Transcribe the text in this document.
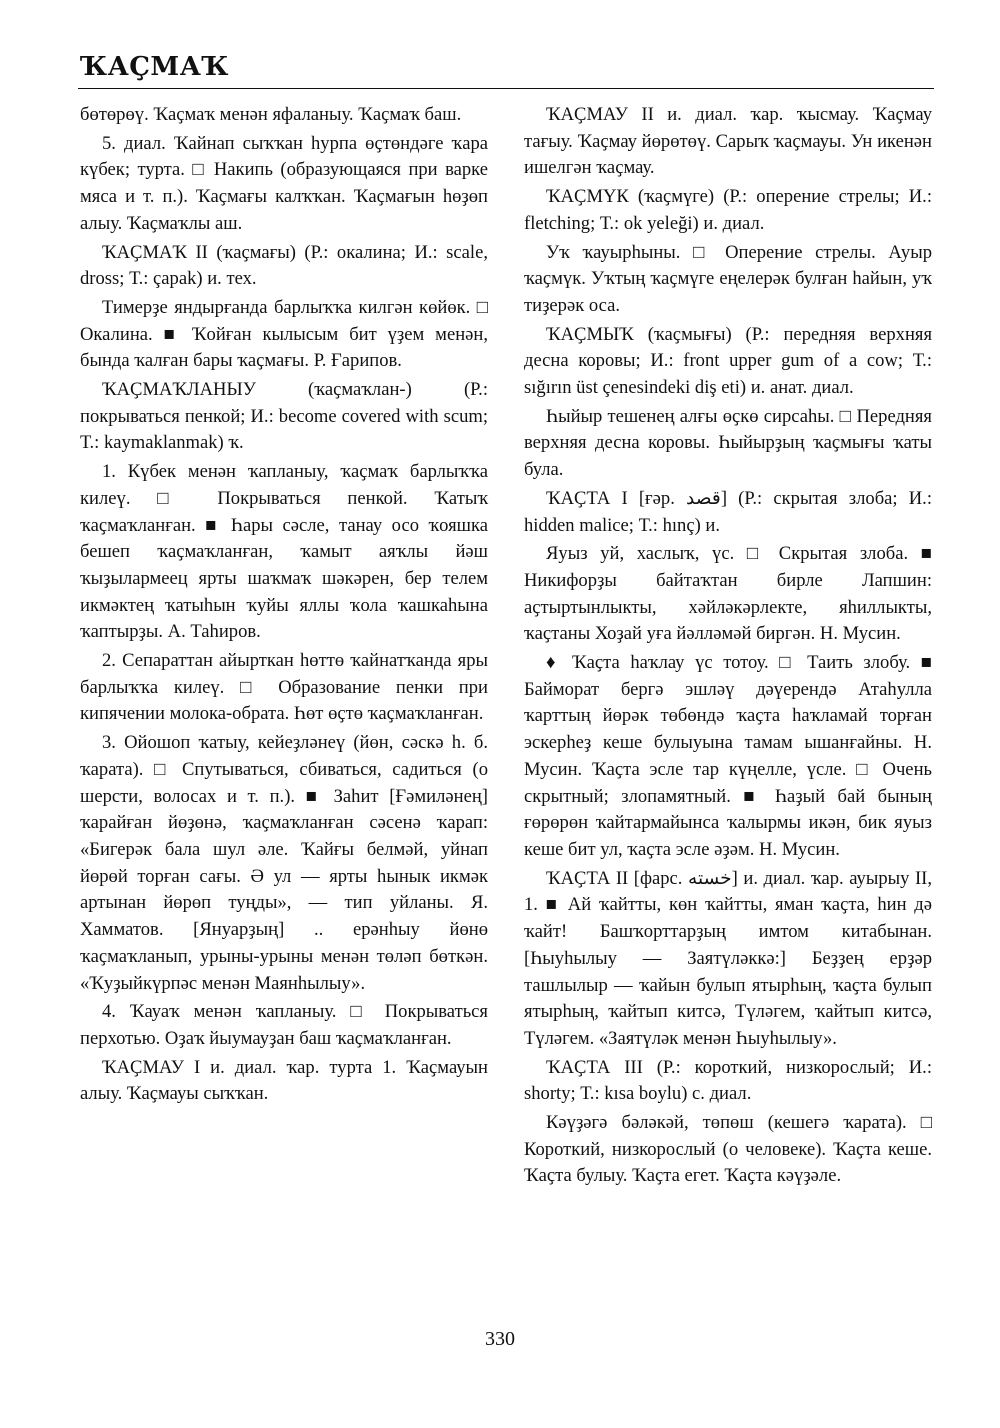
ҠАҪМАҠ

бөтөрөү. Ҡаҫмаҡ менән яфаланыу. Ҡаҫмаҡ баш.

5. диал. Ҡайнап сыҡҡан һурпа өҫтөндәге ҡара күбек; турта. □ Накипь (образующаяся при варке мяса и т. п.). Ҡаҫмағы калҡҡан. Ҡаҫмағын һөҙөп алыу. Ҡаҫмаҡлы аш.

ҠАҪМАҠ II (ҡаҫмағы) (Р.: окалина; И.: scale, dross; Т.: çapak) и. тех.

Тимерҙе яндырғанда барлыҡҡа килгән көйөк. □ Окалина. ■ Ҡойған кылысым бит үҙем менән, бында ҡалған бары ҡаҫмағы. Р. Ғарипов.

ҠАҪМАҠЛАНЫУ (ҡаҫмаҡлан-) (Р.: покрываться пенкой; И.: become covered with scum; Т.: kaymaklanmak) ҡ.

1. Күбек менән ҡапланыу, ҡаҫмаҡ барлыҡҡа килеү. □ Покрываться пенкой. Ҡатыҡ ҡаҫмаҡланған. ■ Һары сәсле, танау осо ҡояшка бешеп ҡаҫмаҡланған, ҡамыт аяҡлы йәш ҡыҙылармеец ярты шаҡмаҡ шәкәрен, бер телем икмәктең ҡатыһын ҡуйы яллы ҡола ҡашкаһына ҡаптырҙы. А. Таһиров.

2. Сепараттан айырткан һөттө ҡайнатҡанда яры барлыҡҡа килеү. □ Образование пенки при кипячении молока-обрата. Һөт өҫтө ҡаҫмаҡланған.

3. Ойошоп ҡатыу, кейеҙләнеү (йөн, сәскә һ. б. ҡарата). □ Спутываться, сбиваться, садиться (о шерсти, волосах и т. п.). ■ Заһит [Ғәмиләнең] ҡарайған йөҙөнә, ҡаҫмаҡланған сәсенә ҡарап: «Бигерәк бала шул әле. Ҡайғы белмәй, уйнап йөрөй торған сағы. Ә ул — ярты һынык икмәк артынан йөрөп туңды», — тип уйланы. Я. Хамматов. [Януарҙың] .. ерәнһыу йөнө ҡаҫмаҡланып, урыны-урыны менән төләп бөткән. «Ҡуҙыйкүрпәс менән Маянһылыу».

4. Ҡауаҡ менән ҡапланыу. □ Покрываться перхотью. Оҙаҡ йыумауҙан баш ҡаҫмаҡланған.

ҠАҪМАУ I и. диал. ҡар. турта 1. Ҡаҫмауын алыу. Ҡаҫмауы сыҡҡан.

ҠАҪМАУ II и. диал. ҡар. ҡысмау. Ҡаҫмау тағыу. Ҡаҫмау йөрөтөү. Сарыҡ ҡаҫмауы. Ун икенән ишелгән ҡаҫмау.

ҠАҪМҮК (ҡаҫмүге) (Р.: оперение стрелы; И.: fletching; Т.: ok yeleği) и. диал.

Уҡ ҡауырһыны. □ Оперение стрелы. Ауыр ҡаҫмүк. Уҡтың ҡаҫмүге еңелерәк булған һайын, уҡ тиҙерәк оса.

ҠАҪМЫҠ (ҡаҫмығы) (Р.: передняя верхняя десна коровы; И.: front upper gum of a cow; Т.: sığırın üst çenesindeki diş eti) и. анат. диал.

Һыйыр тешенең алғы өҫкө сирсаһы. □ Передняя верхняя десна коровы. Һыйырҙың ҡаҫмығы ҡаты була.

ҠАҪТА I [ғәр. قصد] (Р.: скрытая злоба; И.: hidden malice; Т.: hınç) и.

Яуыз уй, хаслыҡ, үс. □ Скрытая злоба. ■ Никифорҙы байтаҡтан бирле Лапшин: аҫтыртынлыкты, хәйләкәрлекте, яһиллыкты, ҡаҫтаны Хоҙай уға йәлләмәй биргән. Н. Мусин.

♦ Ҡаҫта һаҡлау үс тотоу. □ Таить злобу. ■ Байморат бергә эшләү дәүерендә Атаһулла ҡарттың йөрәк төбөндә ҡаҫта һаҡламай торған эскерһеҙ кеше булыуына тамам ышанғайны. Н. Мусин. Ҡаҫта эсле тар күңелле, үсле. □ Очень скрытный; злопамятный. ■ Һаҙый бай бының ғөрөрөн ҡайтармайынса ҡалырмы икән, бик яуыз кеше бит ул, ҡаҫта эсле әҙәм. Н. Мусин.

ҠАҪТА II [фарс. خسته] и. диал. ҡар. ауырыу II, 1. ■ Ай ҡайтты, көн ҡайтты, яман ҡаҫта, һин дә ҡайт! Башҡорттарҙың имтом китабынан. [Һыуһылыу — Заятүләккә:] Беҙҙең ерҙәр ташлылыр — ҡайын булып ятырһың, ҡаҫта булып ятырһың, ҡайтып китсә, Түләгем, ҡайтып китсә, Түләгем. «Заятүләк менән Һыуһылыу».

ҠАҪТА III (Р.: короткий, низкорослый; И.: shorty; Т.: kısa boylu) с. диал.

Кәүҙәгә бәләкәй, төпөш (кешегә ҡарата). □ Короткий, низкорослый (о человеке). Ҡаҫта кеше. Ҡаҫта булыу. Ҡаҫта егет. Ҡаҫта кәүҙәле.

330
